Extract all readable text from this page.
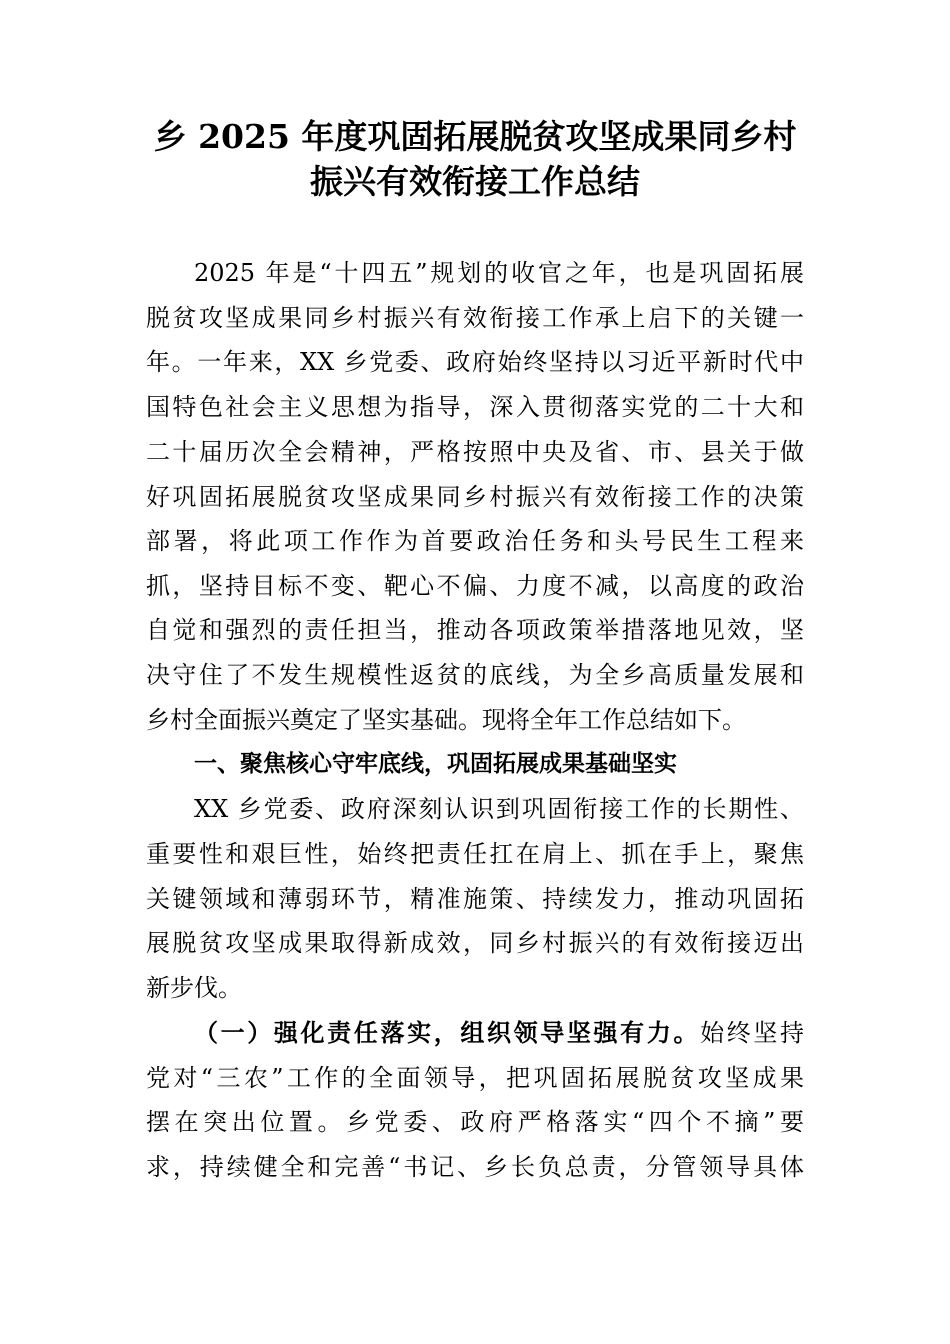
乡 2025 年度巩固拓展脱贫攻坚成果同乡村
振兴有效衔接工作总结

2025 年是“十四五”规划的收官之年，也是巩固拓展

脱贫攻坚成果同乡村振兴有效衔接工作承上启下的关键一

年。一年来，XX 乡党委、政府始终坚持以习近平新时代中

国特色社会主义思想为指导，深入贯彻落实党的二十大和

二十届历次全会精神，严格按照中央及省、市、县关于做

好巩固拓展脱贫攻坚成果同乡村振兴有效衔接工作的决策

部署，将此项工作作为首要政治任务和头号民生工程来

抓，坚持目标不变、靶心不偏、力度不减，以高度的政治

自觉和强烈的责任担当，推动各项政策举措落地见效，坚

决守住了不发生规模性返贫的底线，为全乡高质量发展和

乡村全面振兴奠定了坚实基础。现将全年工作总结如下。

一、聚焦核心守牢底线，巩固拓展成果基础坚实

XX 乡党委、政府深刻认识到巩固衔接工作的长期性、

重要性和艰巨性，始终把责任扛在肩上、抓在手上，聚焦

关键领域和薄弱环节，精准施策、持续发力，推动巩固拓

展脱贫攻坚成果取得新成效，同乡村振兴的有效衔接迈出

新步伐。

（一）强化责任落实，组织领导坚强有力。始终坚持

党对“三农”工作的全面领导，把巩固拓展脱贫攻坚成果

摆在突出位置。乡党委、政府严格落实“四个不摘”要

求，持续健全和完善“书记、乡长负总责，分管领导具体
